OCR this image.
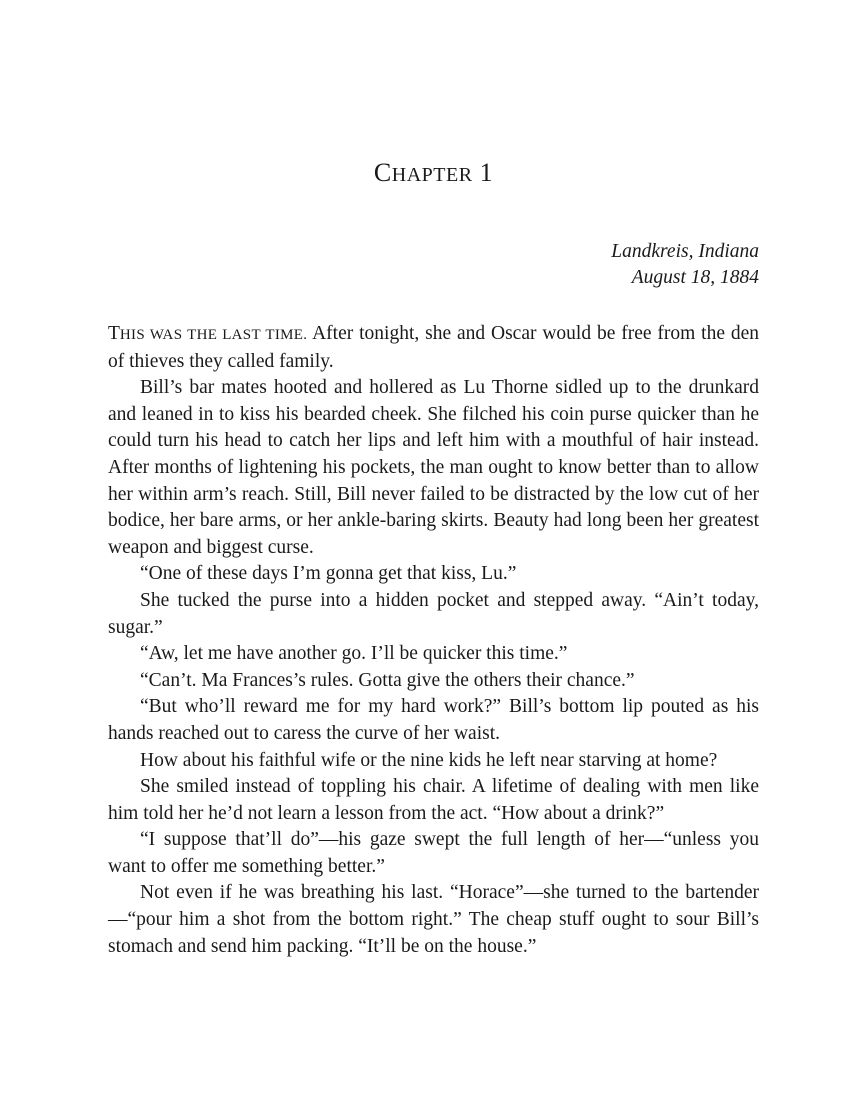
CHAPTER 1
Landkreis, Indiana
August 18, 1884

THIS WAS THE LAST TIME. After tonight, she and Oscar would be free from the den of thieves they called family.

Bill’s bar mates hooted and hollered as Lu Thorne sidled up to the drunkard and leaned in to kiss his bearded cheek. She filched his coin purse quicker than he could turn his head to catch her lips and left him with a mouthful of hair instead. After months of lightening his pockets, the man ought to know better than to allow her within arm’s reach. Still, Bill never failed to be distracted by the low cut of her bodice, her bare arms, or her ankle-baring skirts. Beauty had long been her greatest weapon and biggest curse.

“One of these days I’m gonna get that kiss, Lu.”

She tucked the purse into a hidden pocket and stepped away. “Ain’t today, sugar.”

“Aw, let me have another go. I’ll be quicker this time.”

“Can’t. Ma Frances’s rules. Gotta give the others their chance.”

“But who’ll reward me for my hard work?” Bill’s bottom lip pouted as his hands reached out to caress the curve of her waist.

How about his faithful wife or the nine kids he left near starving at home?

She smiled instead of toppling his chair. A lifetime of dealing with men like him told her he’d not learn a lesson from the act. “How about a drink?”

“I suppose that’ll do”—his gaze swept the full length of her—“unless you want to offer me something better.”

Not even if he was breathing his last. “Horace”—she turned to the bartender—“pour him a shot from the bottom right.” The cheap stuff ought to sour Bill’s stomach and send him packing. “It’ll be on the house.”
